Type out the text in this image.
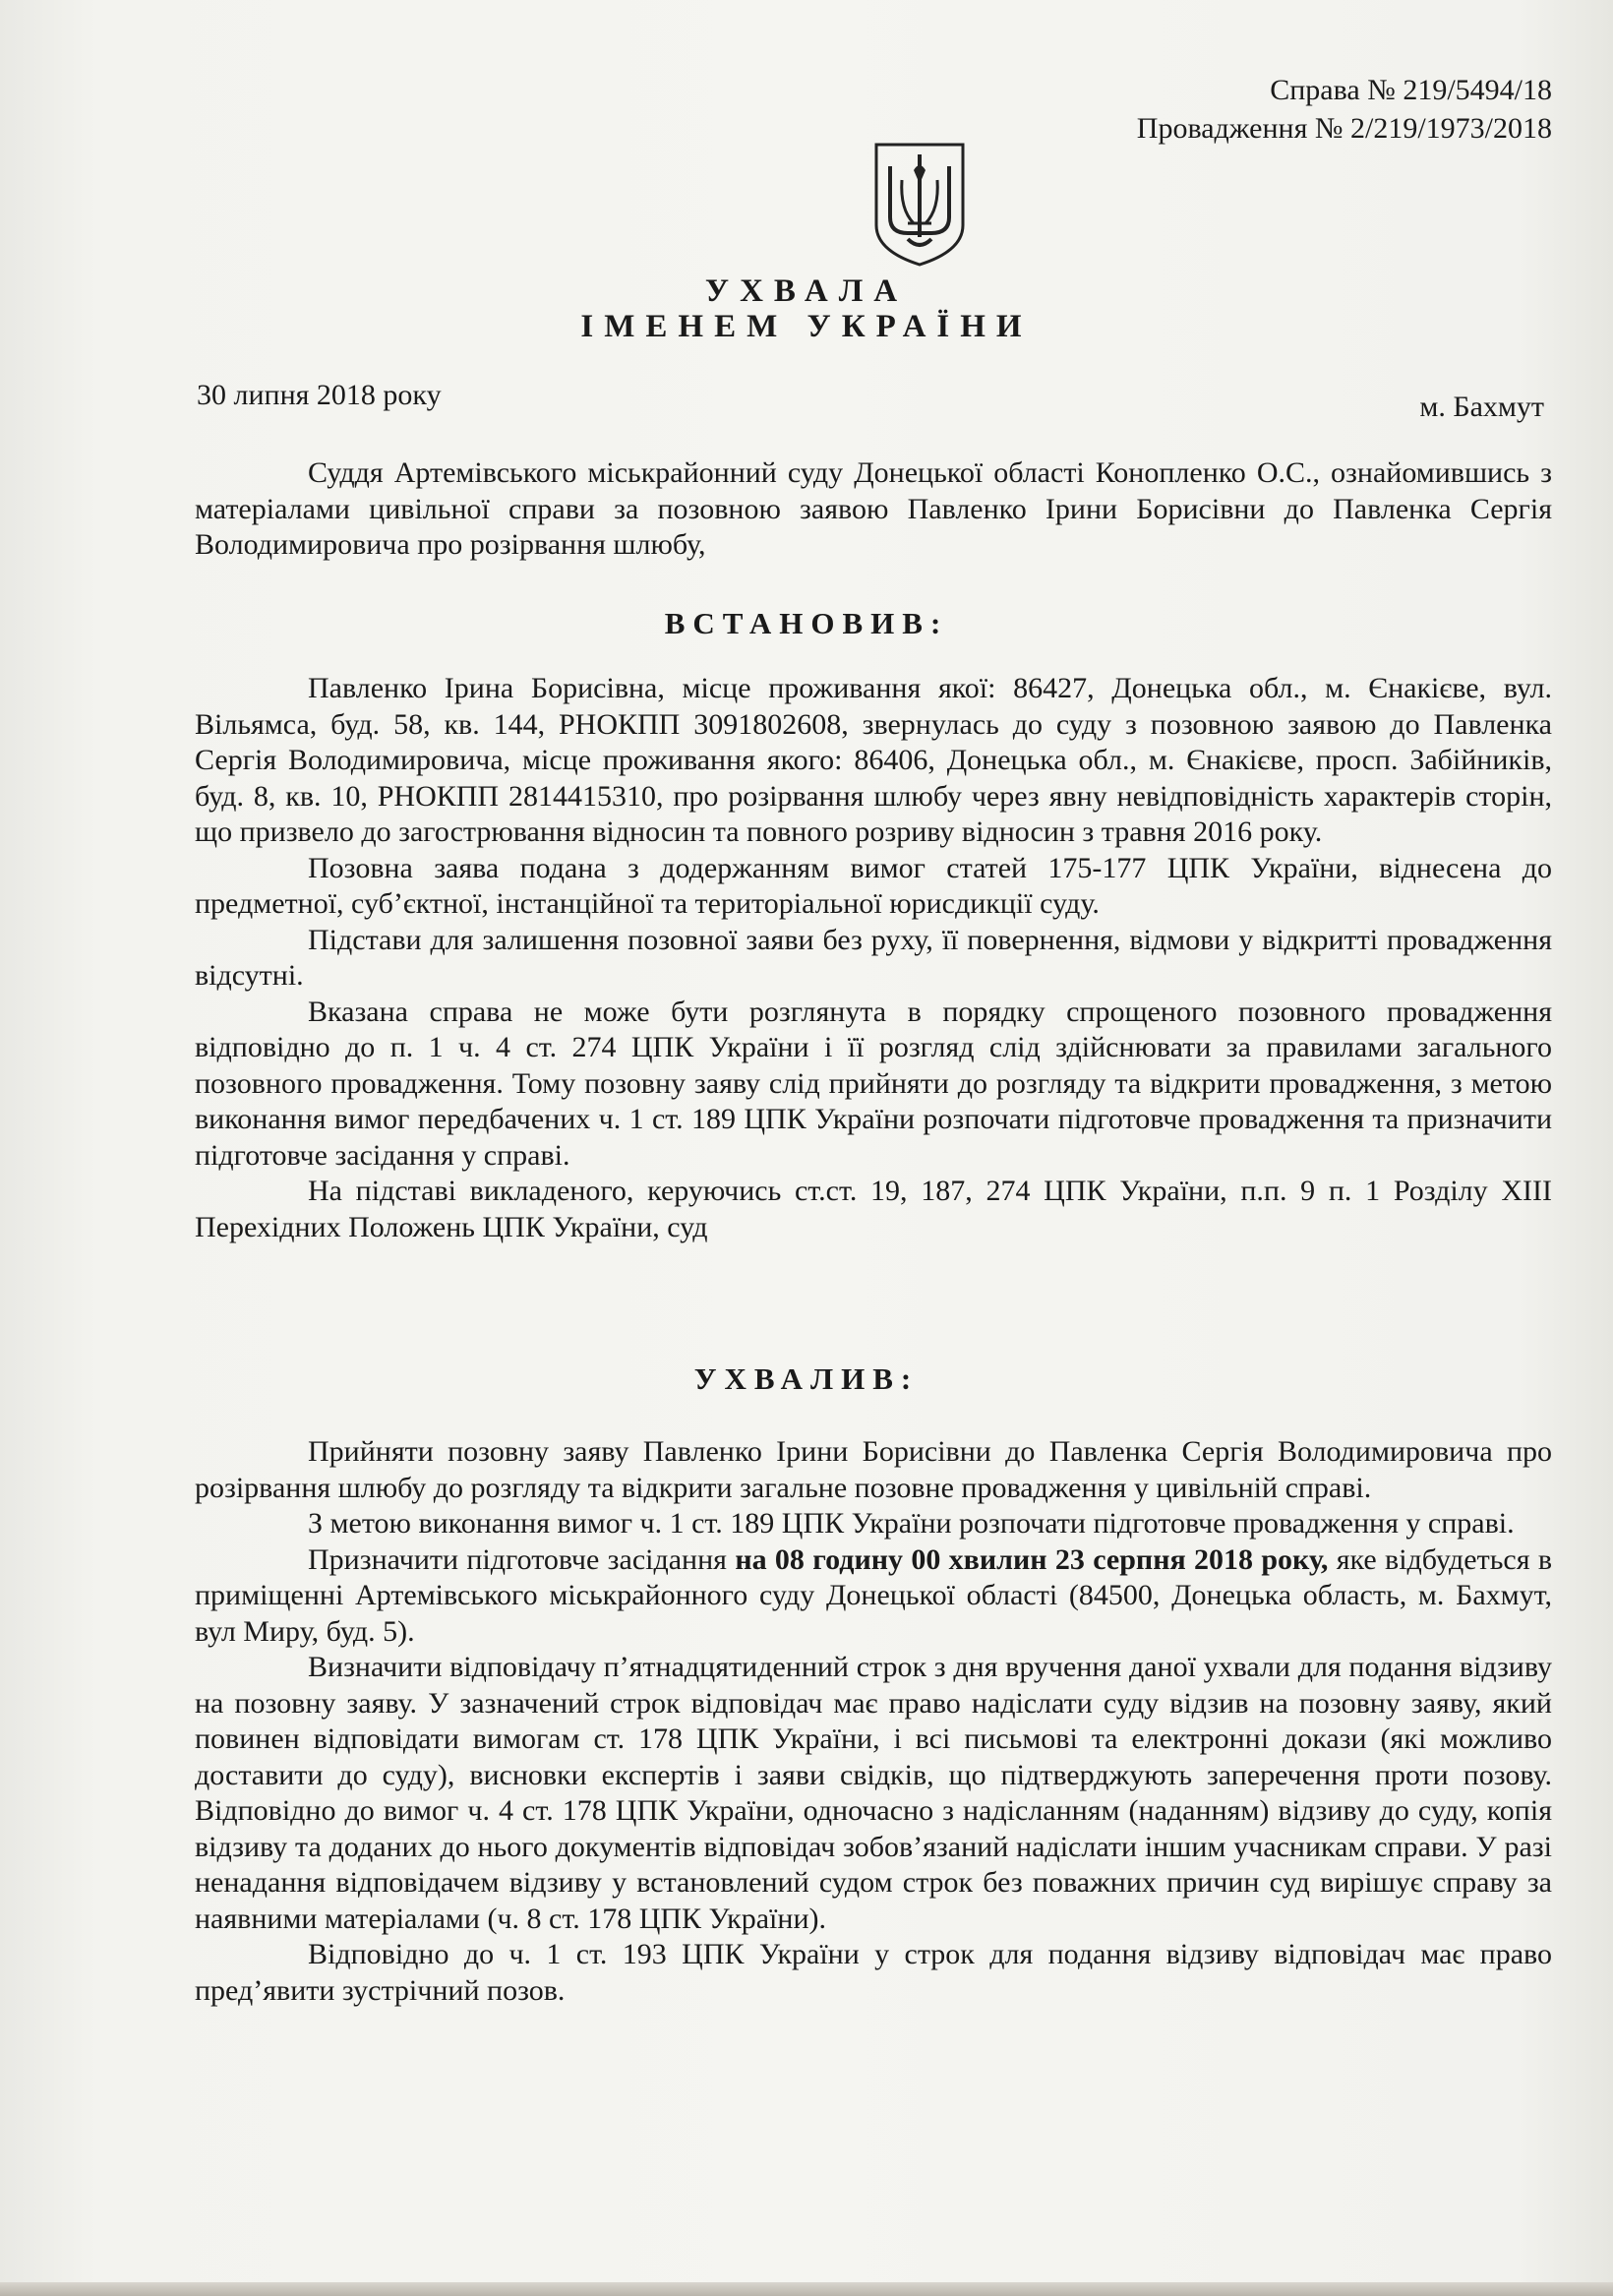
Справа № 219/5494/18
Провадження № 2/219/1973/2018
УХВАЛА
ІМЕНЕМ УКРАЇНИ
30 липня 2018 року	м. Бахмут

Суддя Артемівського міськрайонний суду Донецької області Конопленко О.С., ознайомившись з матеріалами цивільної справи за позовною заявою Павленко Ірини Борисівни до Павленка Сергія Володимировича про розірвання шлюбу,

ВСТАНОВИВ:

Павленко Ірина Борисівна, місце проживання якої: 86427, Донецька обл., м. Єнакієве, вул. Вільямса, буд. 58, кв. 144, РНОКПП 3091802608, звернулась до суду з позовною заявою до Павленка Сергія Володимировича, місце проживання якого: 86406, Донецька обл., м. Єнакієве, просп. Забійників, буд. 8, кв. 10, РНОКПП 2814415310, про розірвання шлюбу через явну невідповідність характерів сторін, що призвело до загострювання відносин та повного розриву відносин з травня 2016 року.

Позовна заява подана з додержанням вимог статей 175-177 ЦПК України, віднесена до предметної, суб’єктної, інстанційної та територіальної юрисдикції суду.

Підстави для залишення позовної заяви без руху, її повернення, відмови у відкритті провадження відсутні.

Вказана справа не може бути розглянута в порядку спрощеного позовного провадження відповідно до п. 1 ч. 4 ст. 274 ЦПК України і її розгляд слід здійснювати за правилами загального позовного провадження. Тому позовну заяву слід прийняти до розгляду та відкрити провадження, з метою виконання вимог передбачених ч. 1 ст. 189 ЦПК України розпочати підготовче провадження та призначити підготовче засідання у справі.

На підставі викладеного, керуючись ст.ст. 19, 187, 274 ЦПК України, п.п. 9 п. 1 Розділу ХІІІ Перехідних Положень ЦПК України, суд

УХВАЛИВ:

Прийняти позовну заяву Павленко Ірини Борисівни до Павленка Сергія Володимировича про розірвання шлюбу до розгляду та відкрити загальне позовне провадження у цивільній справі.

З метою виконання вимог ч. 1 ст. 189 ЦПК України розпочати підготовче провадження у справі.

Призначити підготовче засідання на 08 годину 00 хвилин 23 серпня 2018 року, яке відбудеться в приміщенні Артемівського міськрайонного суду Донецької області (84500, Донецька область, м. Бахмут, вул Миру, буд. 5).

Визначити відповідачу п’ятнадцятиденний строк з дня вручення даної ухвали для подання відзиву на позовну заяву. У зазначений строк відповідач має право надіслати суду відзив на позовну заяву, який повинен відповідати вимогам ст. 178 ЦПК України, і всі письмові та електронні докази (які можливо доставити до суду), висновки експертів і заяви свідків, що підтверджують заперечення проти позову. Відповідно до вимог ч. 4 ст. 178 ЦПК України, одночасно з надісланням (наданням) відзиву до суду, копія відзиву та доданих до нього документів відповідач зобов’язаний надіслати іншим учасникам справи. У разі ненадання відповідачем відзиву у встановлений судом строк без поважних причин суд вирішує справу за наявними матеріалами (ч. 8 ст. 178 ЦПК України).

Відповідно до ч. 1 ст. 193 ЦПК України у строк для подання відзиву відповідач має право пред’явити зустрічний позов.
